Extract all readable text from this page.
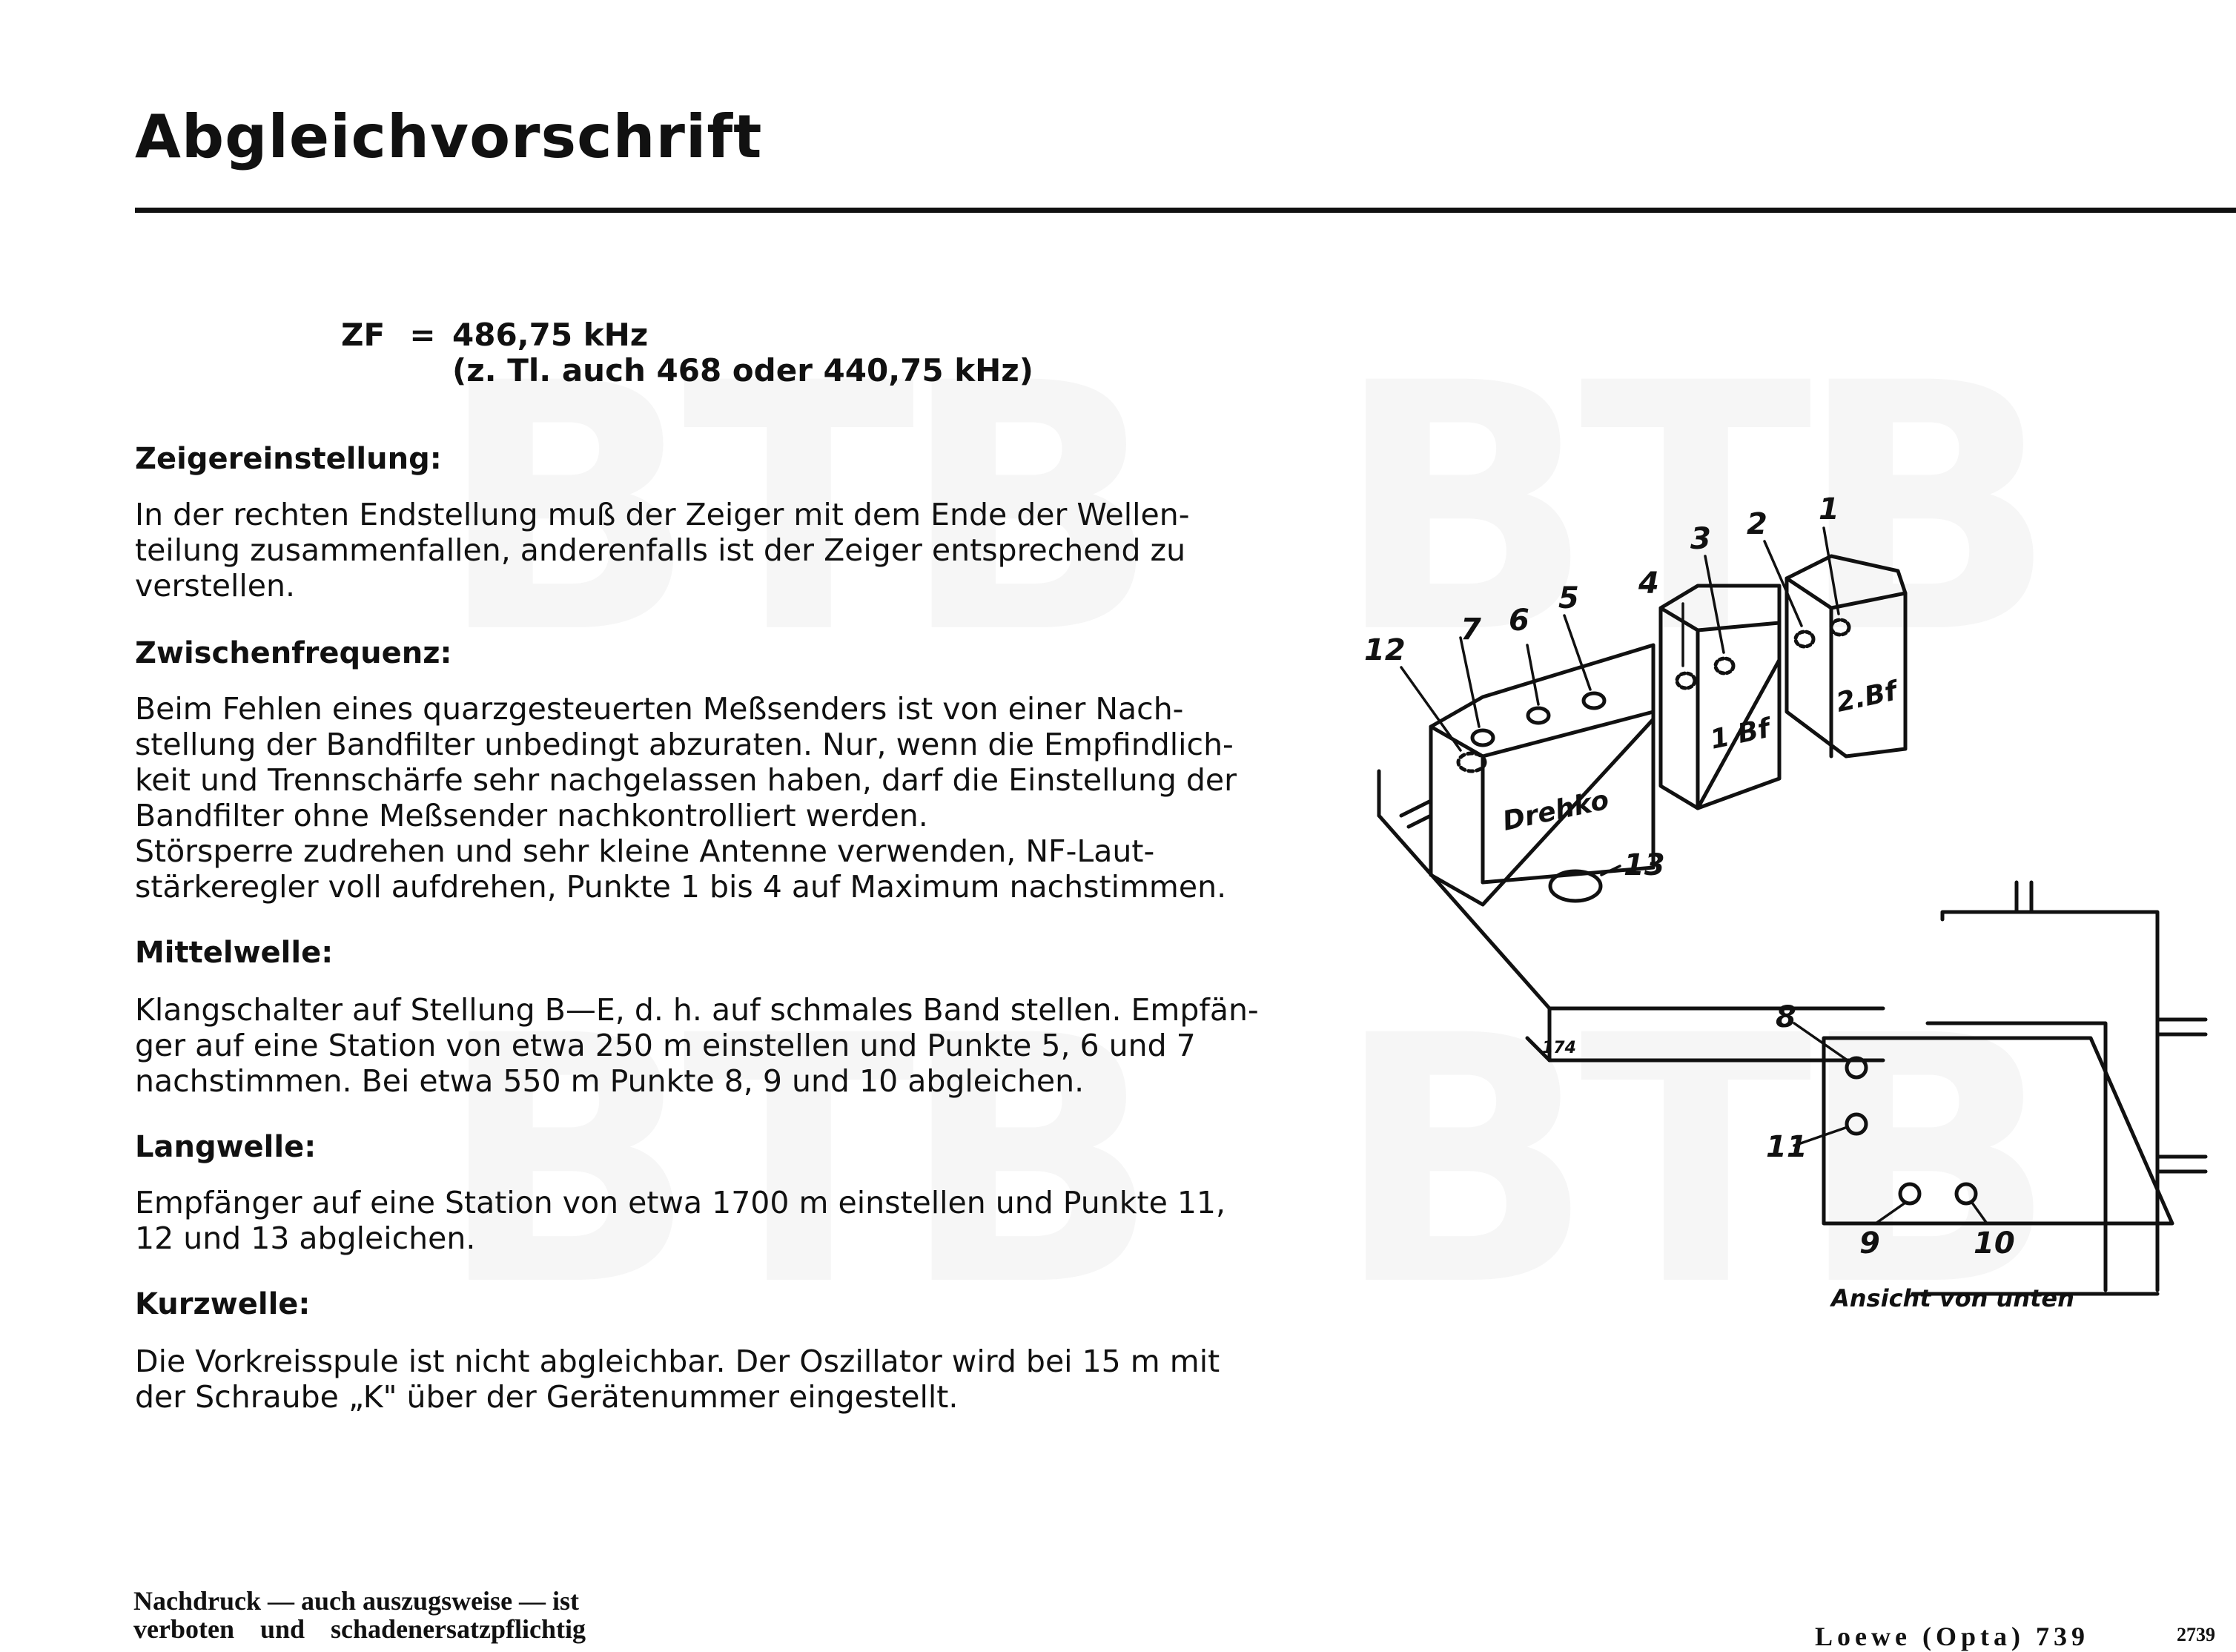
Abgleichvorschrift
ZF = 486,75 kHz
(z. Tl. auch 468 oder 440,75 kHz)
Zeigereinstellung:
In der rechten Endstellung muß der Zeiger mit dem Ende der Wellen-
teilung zusammenfallen, anderenfalls ist der Zeiger entsprechend zu
verstellen.
Zwischenfrequenz:
Beim Fehlen eines quarzgesteuerten Meßsenders ist von einer Nach-
stellung der Bandfilter unbedingt abzuraten. Nur, wenn die Empfindlich-
keit und Trennschärfe sehr nachgelassen haben, darf die Einstellung der
Bandfilter ohne Meßsender nachkontrolliert werden.
Störsperre zudrehen und sehr kleine Antenne verwenden, NF-Laut-
stärkeregler voll aufdrehen, Punkte 1 bis 4 auf Maximum nachstimmen.
Mittelwelle:
Klangschalter auf Stellung B—E, d. h. auf schmales Band stellen. Empfän-
ger auf eine Station von etwa 250 m einstellen und Punkte 5, 6 und 7
nachstimmen. Bei etwa 550 m Punkte 8, 9 und 10 abgleichen.
Langwelle:
Empfänger auf eine Station von etwa 1700 m einstellen und Punkte 11,
12 und 13 abgleichen.
Kurzwelle:
Die Vorkreisspule ist nicht abgleichbar. Der Oszillator wird bei 15 m mit
der Schraube „K" über der Gerätenummer eingestellt.
1
2
3
4
5
6
7
12
13
Drehko
1 Bf
2.Bf
174
8
11
9	10
Ansicht von unten
Nachdruck — auch auszugsweise — ist
verboten und schadenersatzpflichtig	Loewe (Opta) 739	2739
